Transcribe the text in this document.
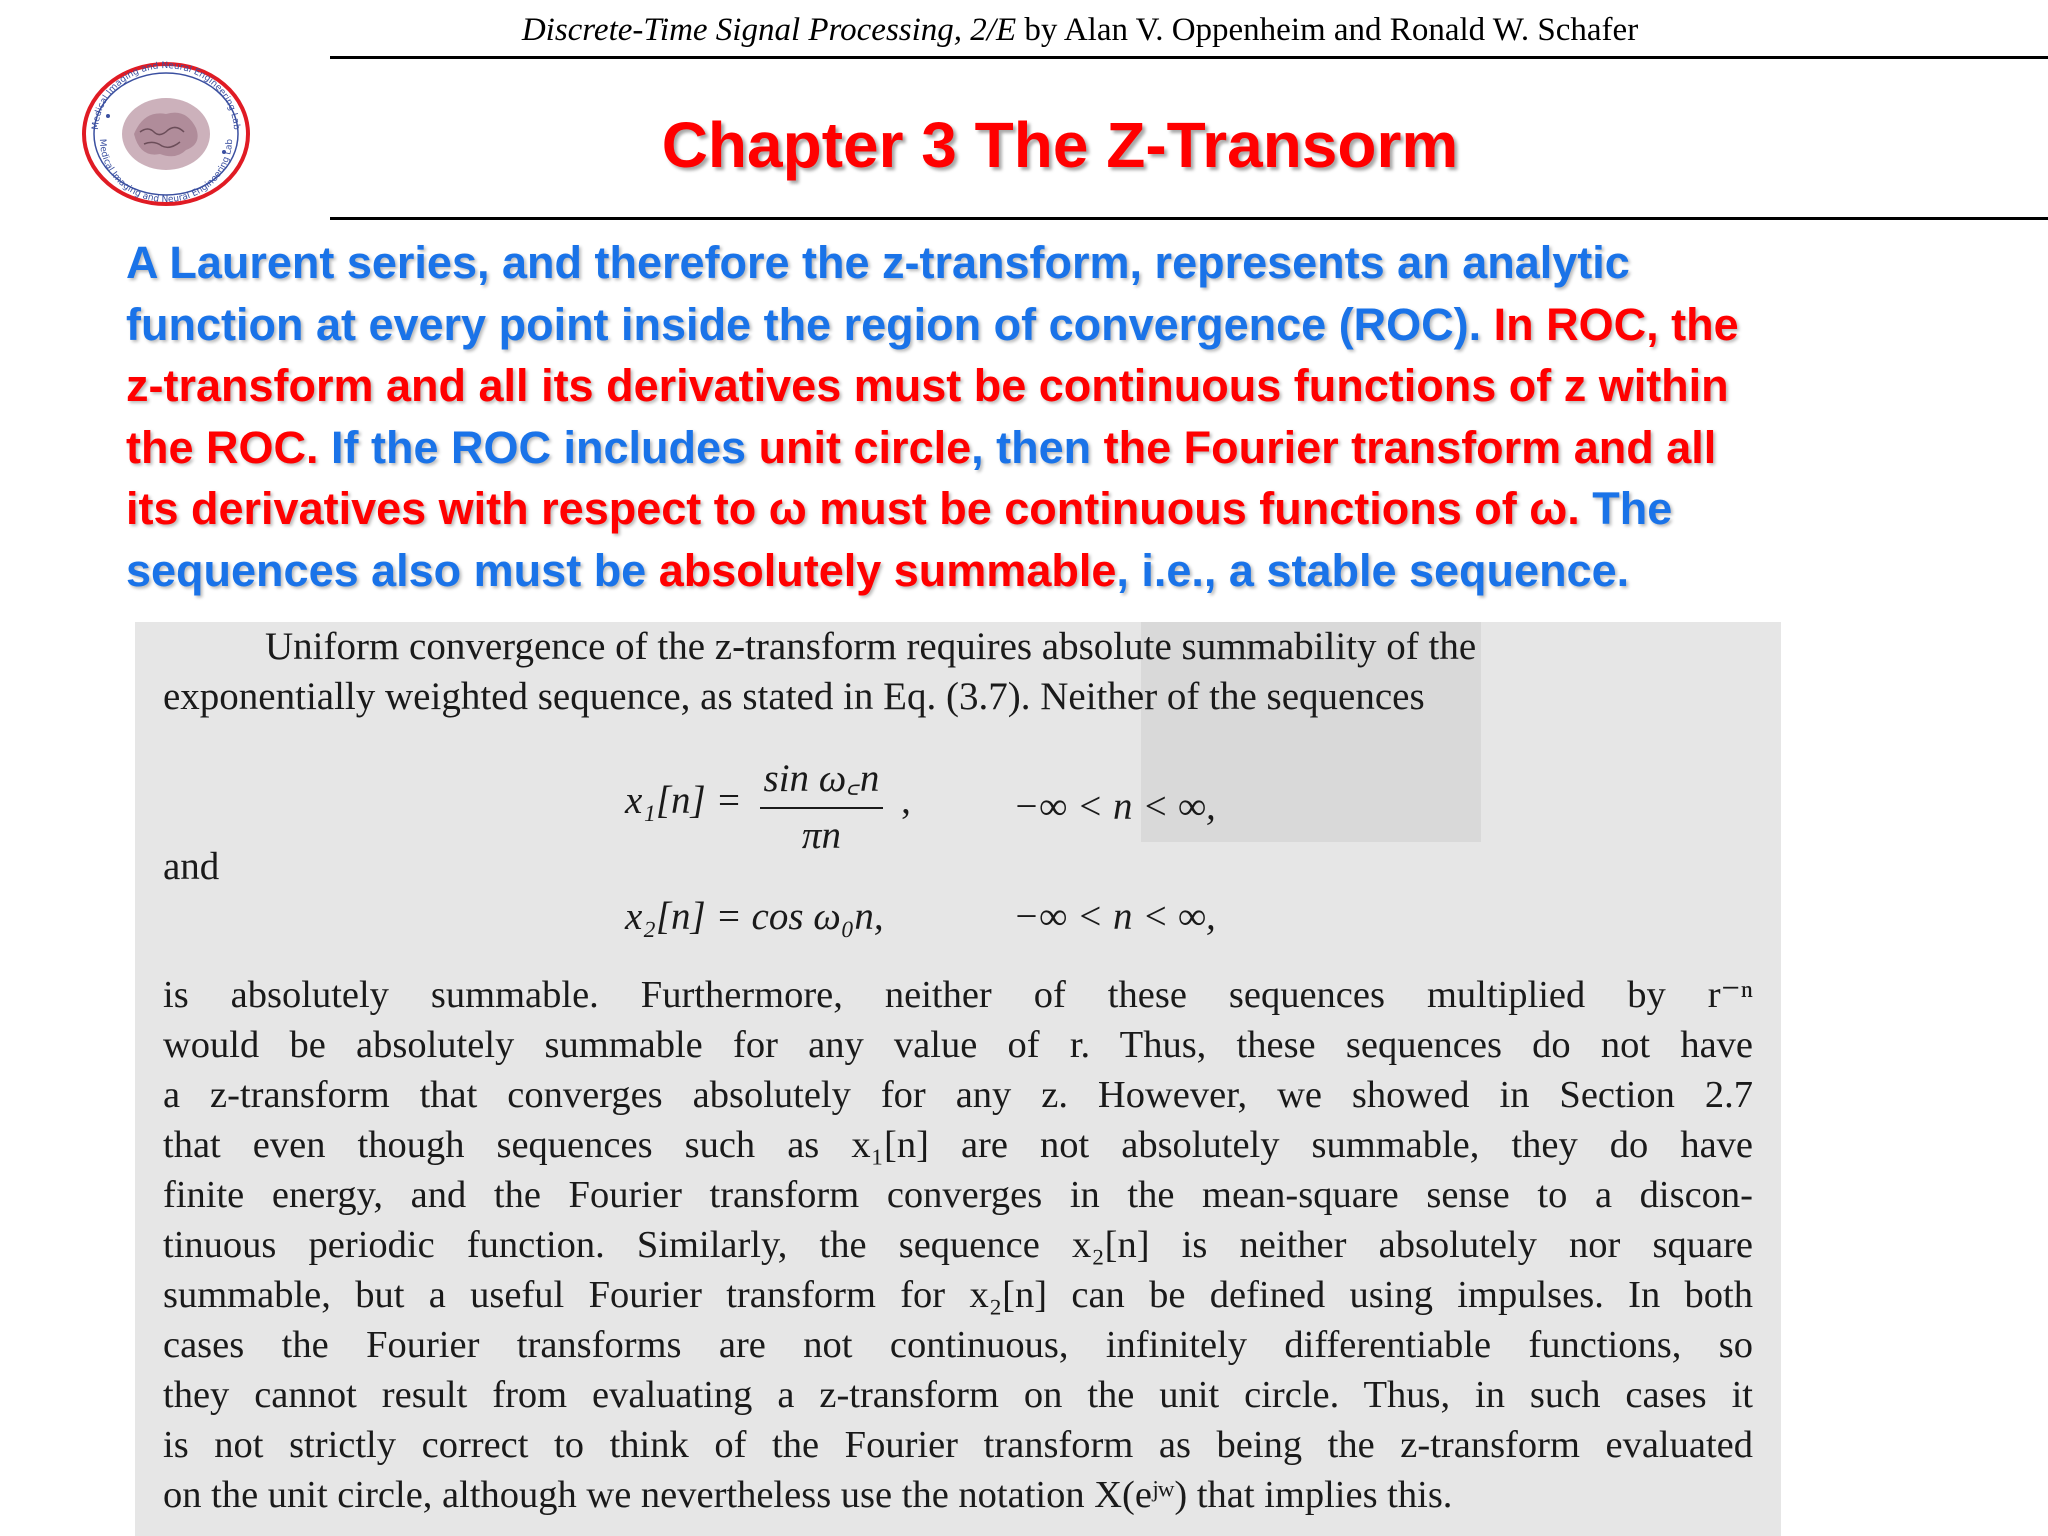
Discrete-Time Signal Processing, 2/E by Alan V. Oppenheim and Ronald W. Schafer
Medical Imaging and Neural Engineering Lab
Medical Imaging and Neural Engineering Lab	Chapter 3 The Z-Transorm
A Laurent series, and therefore the z-transform, represents an analytic
function at every point inside the region of convergence (ROC). In ROC, the
z-transform and all its derivatives must be continuous functions of z within
the ROC. If the ROC includes unit circle, then the Fourier transform and all
its derivatives with respect to ω must be continuous functions of ω. The
sequences also must be absolutely summable, i.e., a stable sequence.
Uniform convergence of the z-transform requires absolute summability of the
exponentially weighted sequence, as stated in Eq. (3.7). Neither of the sequences
$x_1[n] = \frac{\text{sin ω꜀n}}{\pi n}$ ,	−∞ < n < ∞,
and
x₂[n] = cos ω₀n,	−∞ < n < ∞,
is absolutely summable. Furthermore, neither of these sequences multiplied by r⁻ⁿ
would be absolutely summable for any value of r. Thus, these sequences do not have
a z-transform that converges absolutely for any z. However, we showed in Section 2.7
that even though sequences such as x₁[n] are not absolutely summable, they do have
finite energy, and the Fourier transform converges in the mean-square sense to a discon-
tinuous periodic function. Similarly, the sequence x₂[n] is neither absolutely nor square
summable, but a useful Fourier transform for x₂[n] can be defined using impulses. In both
cases the Fourier transforms are not continuous, infinitely differentiable functions, so
they cannot result from evaluating a z-transform on the unit circle. Thus, in such cases it
is not strictly correct to think of the Fourier transform as being the z-transform evaluated
on the unit circle, although we nevertheless use the notation X(eʲʷ) that implies this.
